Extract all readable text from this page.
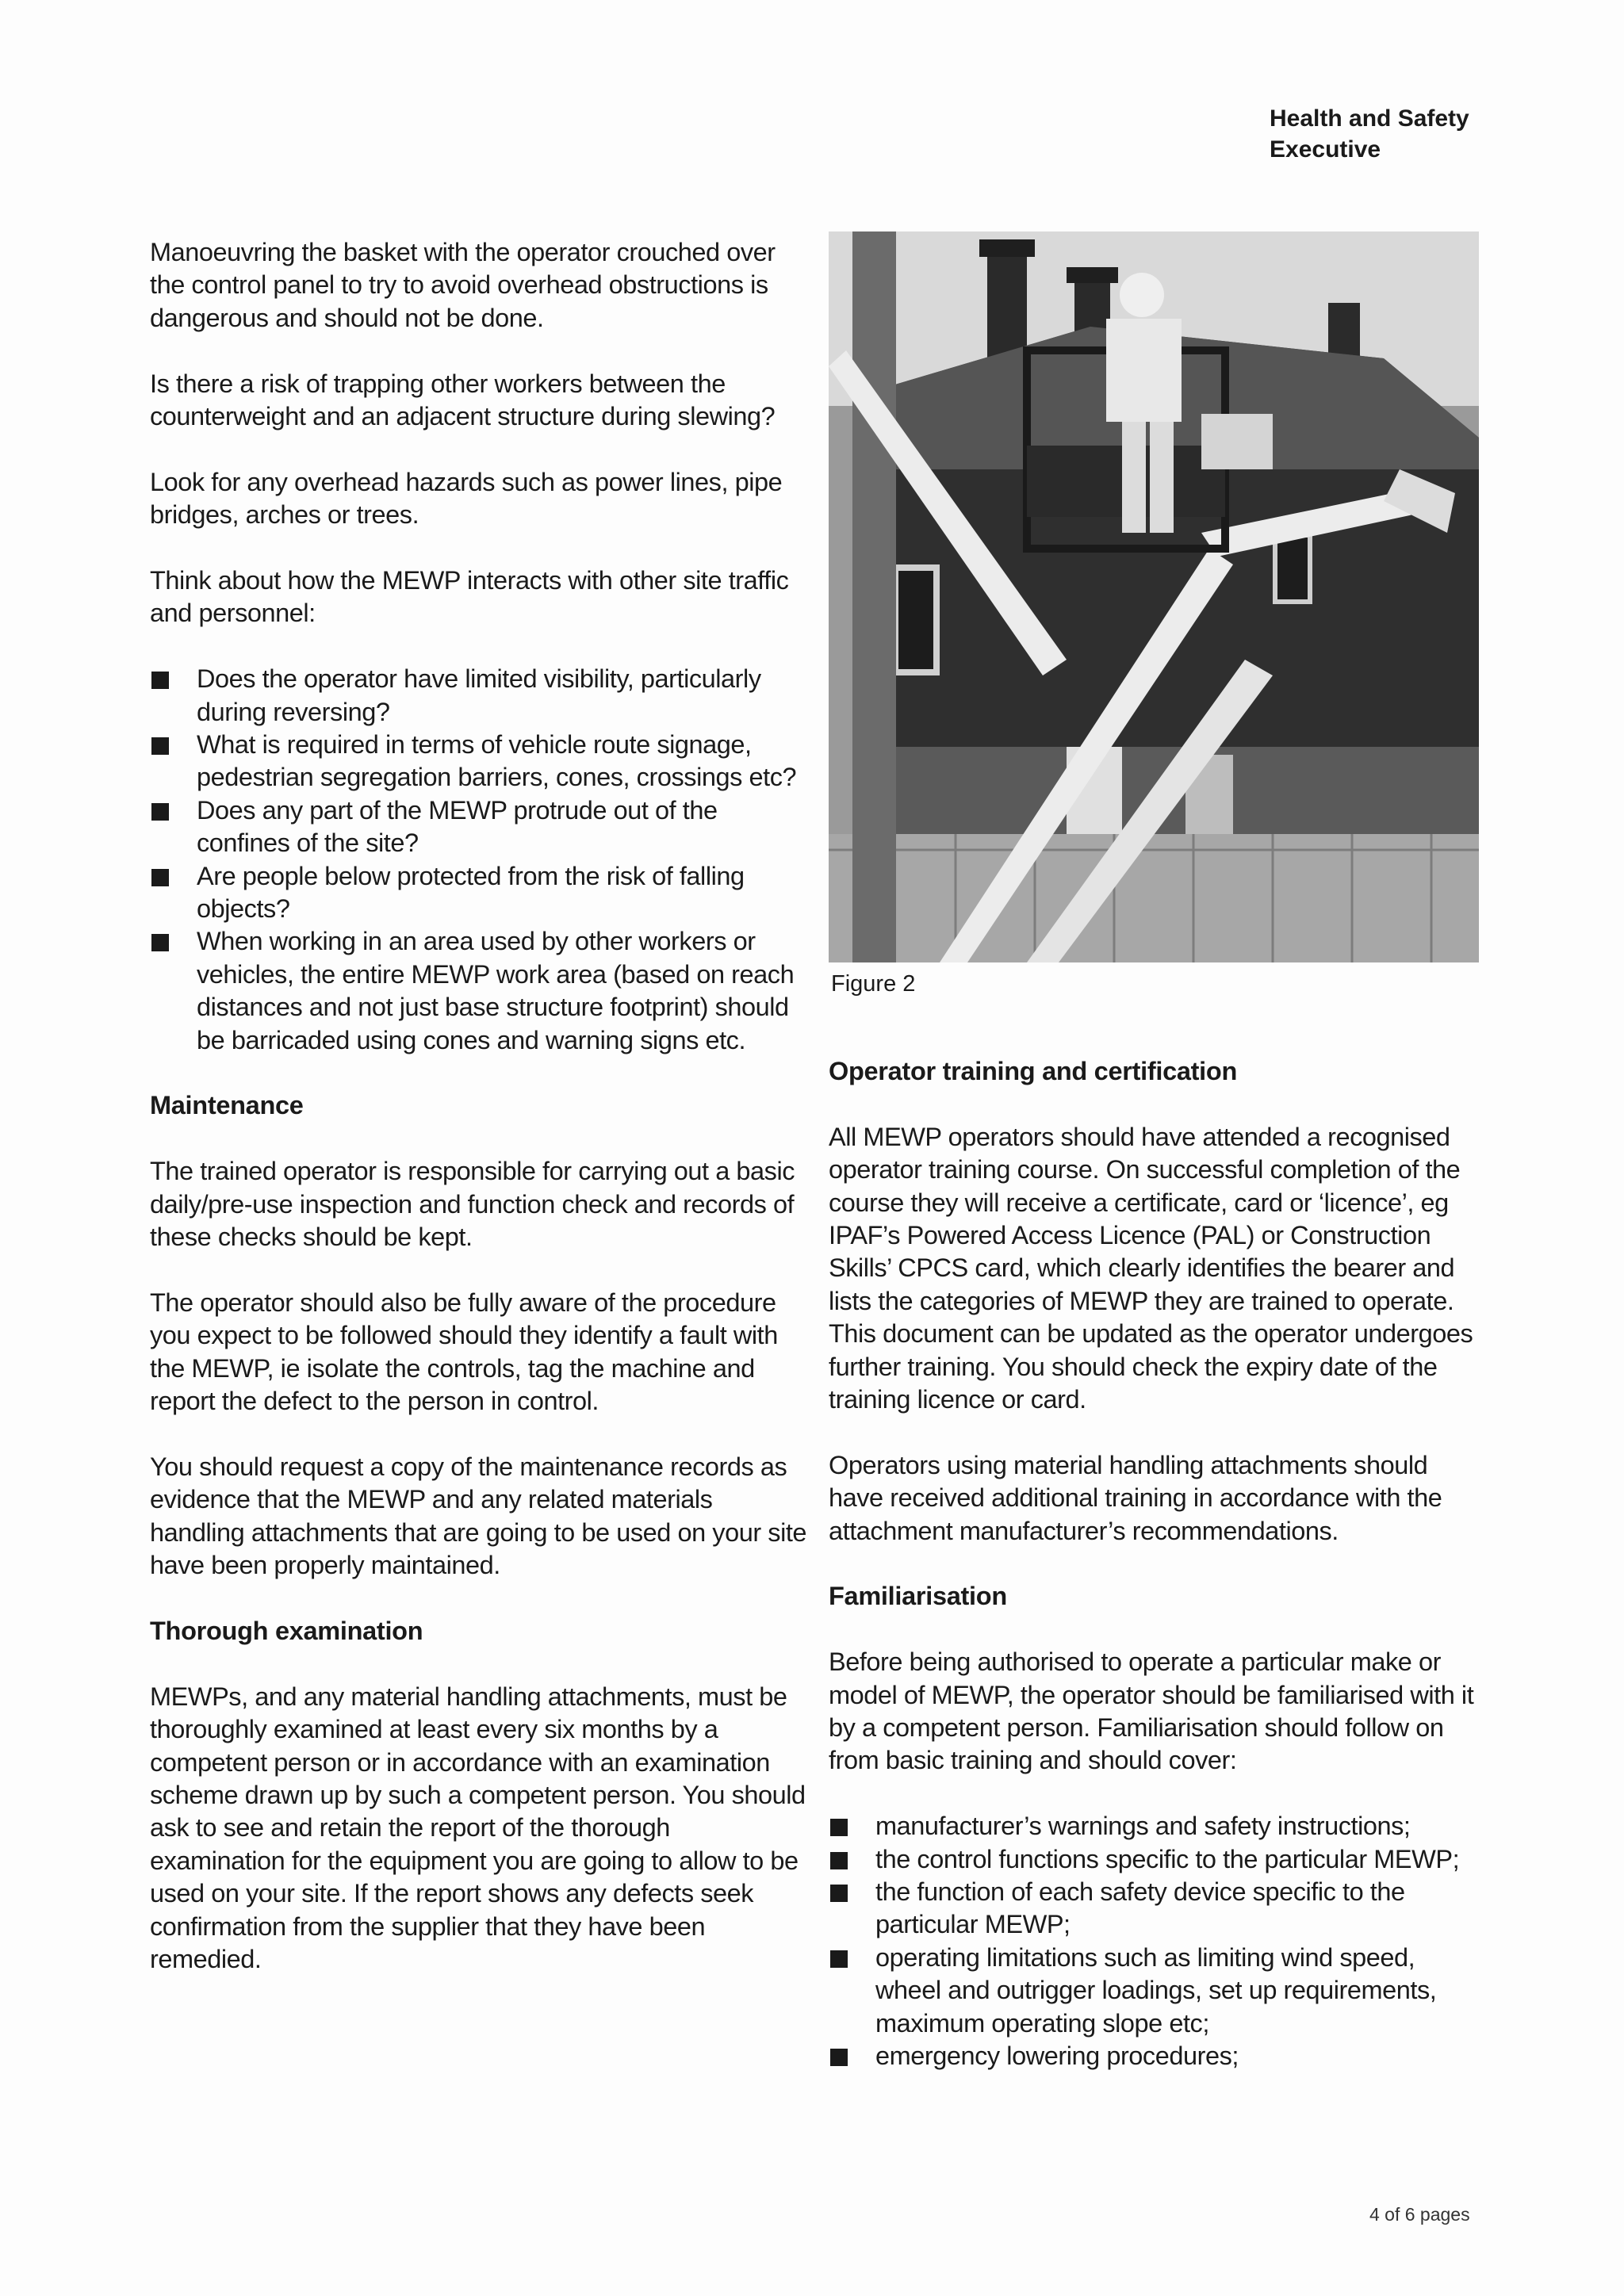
Health and Safety
Executive

Manoeuvring the basket with the operator crouched over the control panel to try to avoid overhead obstructions is dangerous and should not be done.

Is there a risk of trapping other workers between the counterweight and an adjacent structure during slewing?

Look for any overhead hazards such as power lines, pipe bridges, arches or trees.

Think about how the MEWP interacts with other site traffic and personnel:

Does the operator have limited visibility, particularly during reversing?
What is required in terms of vehicle route signage, pedestrian segregation barriers, cones, crossings etc?
Does any part of the MEWP protrude out of the confines of the site?
Are people below protected from the risk of falling objects?
When working in an area used by other workers or vehicles, the entire MEWP work area (based on reach distances and not just base structure footprint) should be barricaded using cones and warning signs etc.
Maintenance

The trained operator is responsible for carrying out a basic daily/pre-use inspection and function check and records of these checks should be kept.

The operator should also be fully aware of the procedure you expect to be followed should they identify a fault with the MEWP, ie isolate the controls, tag the machine and report the defect to the person in control.

You should request a copy of the maintenance records as evidence that the MEWP and any related materials handling attachments that are going to be used on your site have been properly maintained.

Thorough examination

MEWPs, and any material handling attachments, must be thoroughly examined at least every six months by a competent person or in accordance with an examination scheme drawn up by such a competent person. You should ask to see and retain the report of the thorough examination for the equipment you are going to allow to be used on your site. If the report shows any defects seek confirmation from the supplier that they have been remedied.

Figure 2
Operator training and certification

All MEWP operators should have attended a recognised operator training course. On successful completion of the course they will receive a certificate, card or ‘licence’, eg IPAF’s Powered Access Licence (PAL) or Construction Skills’ CPCS card, which clearly identifies the bearer and lists the categories of MEWP they are trained to operate. This document can be updated as the operator undergoes further training. You should check the expiry date of the training licence or card.

Operators using material handling attachments should have received additional training in accordance with the attachment manufacturer’s recommendations.

Familiarisation

Before being authorised to operate a particular make or model of MEWP, the operator should be familiarised with it by a competent person. Familiarisation should follow on from basic training and should cover:

manufacturer’s warnings and safety instructions;
the control functions specific to the particular MEWP;
the function of each safety device specific to the particular MEWP;
operating limitations such as limiting wind speed, wheel and outrigger loadings, set up requirements, maximum operating slope etc;
emergency lowering procedures;
4 of 6 pages
